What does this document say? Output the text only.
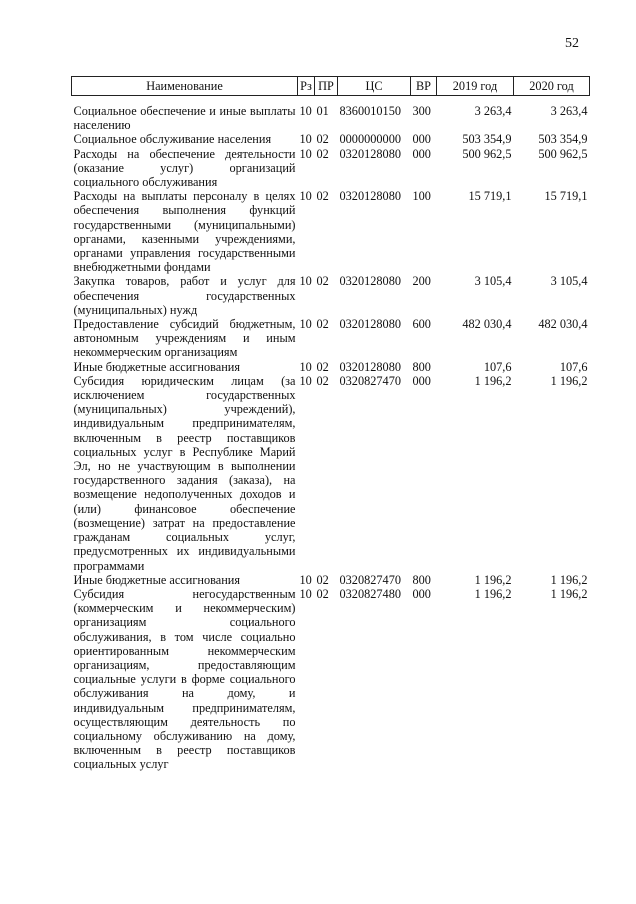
52
Наименование	Рз	ПР	ЦС	ВР	2019 год	2020 год

Социальное обеспечение и иные выплаты населению	10	01	8360010150	300	3 263,4	3 263,4
Социальное обслуживание населения	10	02	0000000000	000	503 354,9	503 354,9
Расходы на обеспечение деятельности (оказание услуг) организаций социального обслуживания	10	02	0320128080	000	500 962,5	500 962,5
Расходы на выплаты персоналу в целях обеспечения выполнения функций государственными (муниципальными) органами, казенными учреждениями, органами управления государственными внебюджетными фондами	10	02	0320128080	100	15 719,1	15 719,1
Закупка товаров, работ и услуг для обеспечения государственных (муниципальных) нужд	10	02	0320128080	200	3 105,4	3 105,4
Предоставление субсидий бюджетным, автономным учреждениям и иным некоммерческим организациям	10	02	0320128080	600	482 030,4	482 030,4
Иные бюджетные ассигнования	10	02	0320128080	800	107,6	107,6
Субсидия юридическим лицам (за исключением государственных (муниципальных) учреждений), индивидуальным предпринимателям, включенным в реестр поставщиков социальных услуг в Республике Марий Эл, но не участвующим в выполнении государственного задания (заказа), на возмещение недополученных доходов и (или) финансовое обеспечение (возмещение) затрат на предоставление гражданам социальных услуг, предусмотренных их индивидуальными программами	10	02	0320827470	000	1 196,2	1 196,2
Иные бюджетные ассигнования	10	02	0320827470	800	1 196,2	1 196,2
Субсидия негосударственным (коммерческим и некоммерческим) организациям социального обслуживания, в том числе социально ориентированным некоммерческим организациям, предоставляющим социальные услуги в форме социального обслуживания на дому, и индивидуальным предпринимателям, осуществляющим деятельность по социальному обслуживанию на дому, включенным в реестр поставщиков социальных услуг	10	02	0320827480	000	1 196,2	1 196,2
